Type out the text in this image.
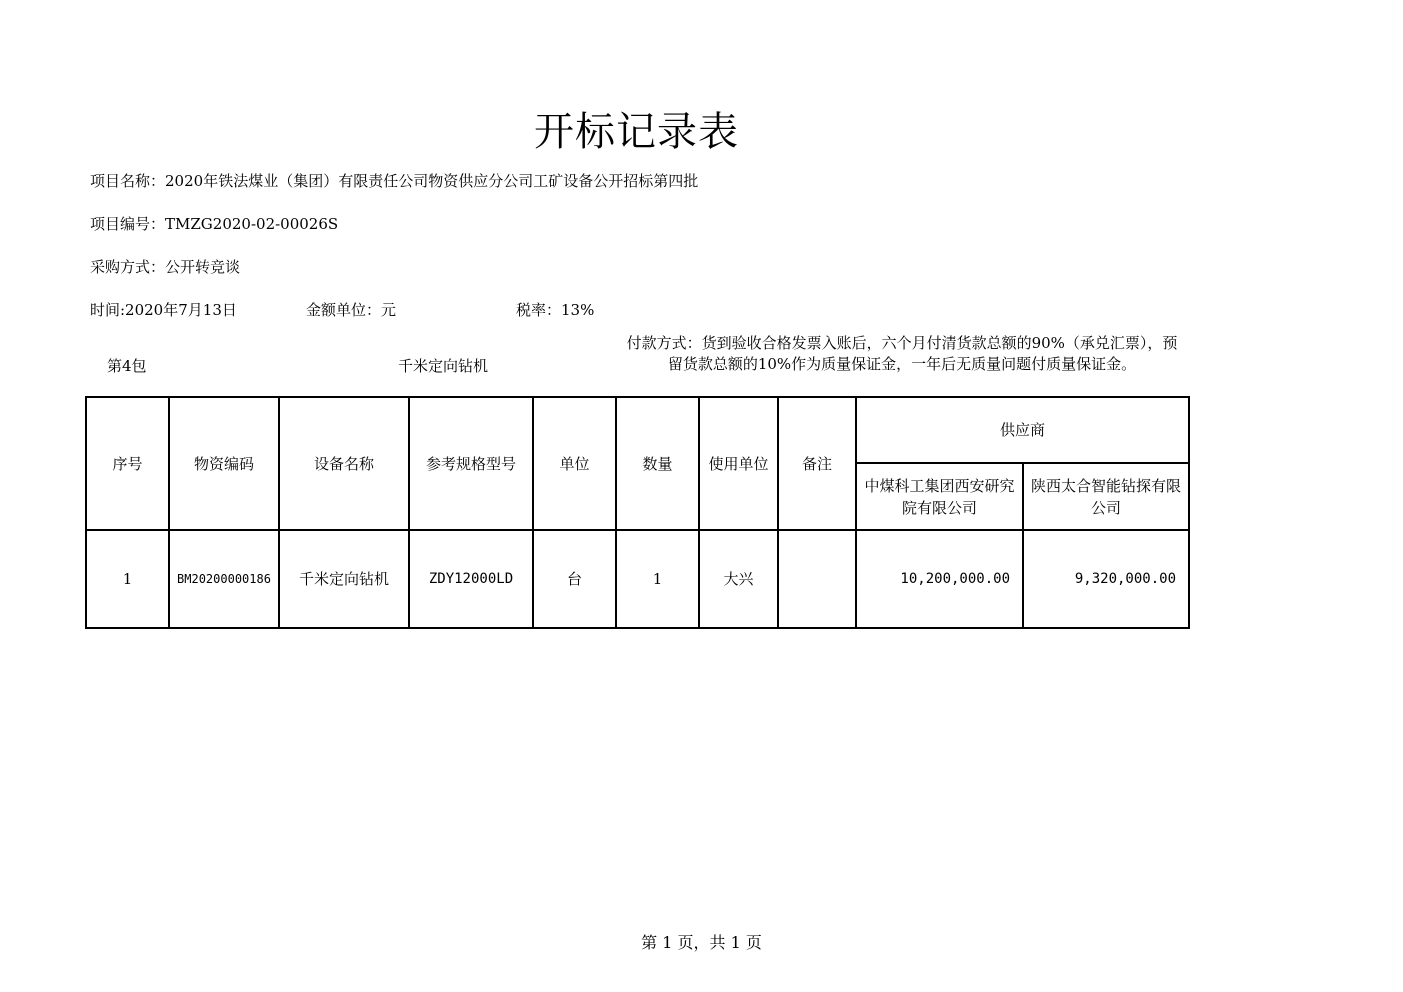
开标记录表
项目名称：2020年铁法煤业（集团）有限责任公司物资供应分公司工矿设备公开招标第四批
项目编号：TMZG2020-02-00026S
采购方式：公开转竞谈
时间:2020年7月13日	金额单位：元	税率：13%
第4包	千米定向钻机
付款方式：货到验收合格发票入账后，六个月付清货款总额的90%（承兑汇票），预留货款总额的10%作为质量保证金，一年后无质量问题付质量保证金。
序号	物资编码	设备名称	参考规格型号	单位	数量	使用单位	备注	供应商	
								中煤科工集团西安研究院有限公司	陕西太合智能钻探有限公司
1	BM20200000186	千米定向钻机	ZDY12000LD	台	1	大兴		10,200,000.00	9,320,000.00
第 1 页，共 1 页
